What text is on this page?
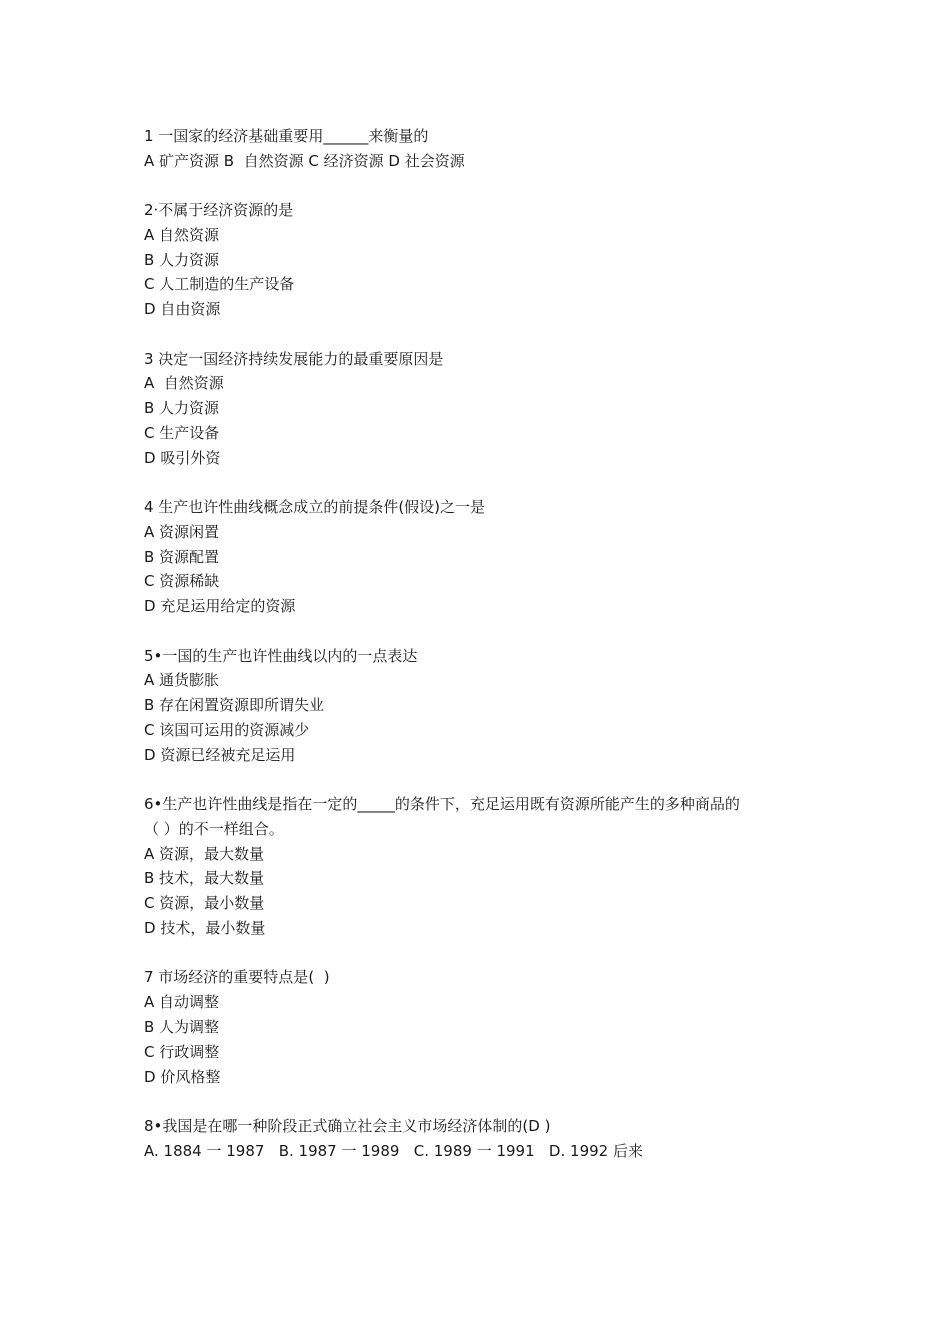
1 一国家的经济基础重要用______来衡量的
A 矿产资源 B  自然资源 C 经济资源 D 社会资源
2·不属于经济资源的是
A 自然资源
B 人力资源
C 人工制造的生产设备
D 自由资源
3 决定一国经济持续发展能力的最重要原因是
A  自然资源
B 人力资源
C 生产设备
D 吸引外资
4 生产也许性曲线概念成立的前提条件(假设)之一是
A 资源闲置
B 资源配置
C 资源稀缺
D 充足运用给定的资源
5•一国的生产也许性曲线以内的一点表达
A 通货膨胀
B 存在闲置资源即所谓失业
C 该国可运用的资源减少
D 资源已经被充足运用
6•生产也许性曲线是指在一定的_____的条件下，充足运用既有资源所能产生的多种商品的
（ ）的不一样组合。
A 资源，最大数量
B 技术，最大数量
C 资源，最小数量
D 技术，最小数量
7 市场经济的重要特点是(  )
A 自动调整
B 人为调整
C 行政调整
D 价风格整
8•我国是在哪一种阶段正式确立社会主义市场经济体制的(D )
A. 1884 一 1987   B. 1987 一 1989   C. 1989 一 1991   D. 1992 后来
